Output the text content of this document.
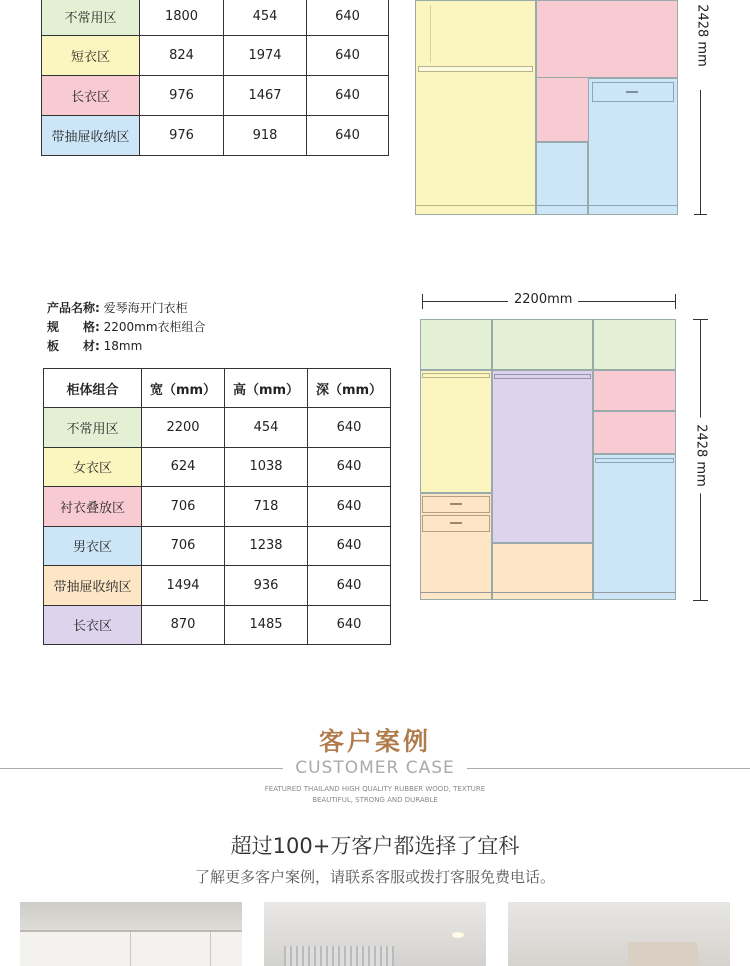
不常用区	1800	454	640
短衣区	824	1974	640
长衣区	976	1467	640
带抽屉收纳区	976	918	640
2428 mm
产品名称: 爱琴海开门衣柜
规　　格: 2200mm衣柜组合
板　　材: 18mm
柜体组合	宽（mm）	高（mm）	深（mm）
不常用区	2200	454	640
女衣区	624	1038	640
衬衣叠放区	706	718	640
男衣区	706	1238	640
带抽屉收纳区	1494	936	640
长衣区	870	1485	640
2200mm
2428 mm
客户案例
CUSTOMER CASE
FEATURED THAILAND HIGH QUALITY RUBBER WOOD, TEXTURE
BEAUTIFUL, STRONG AND DURABLE
超过100+万客户都选择了宜科
了解更多客户案例，请联系客服或拨打客服免费电话。
